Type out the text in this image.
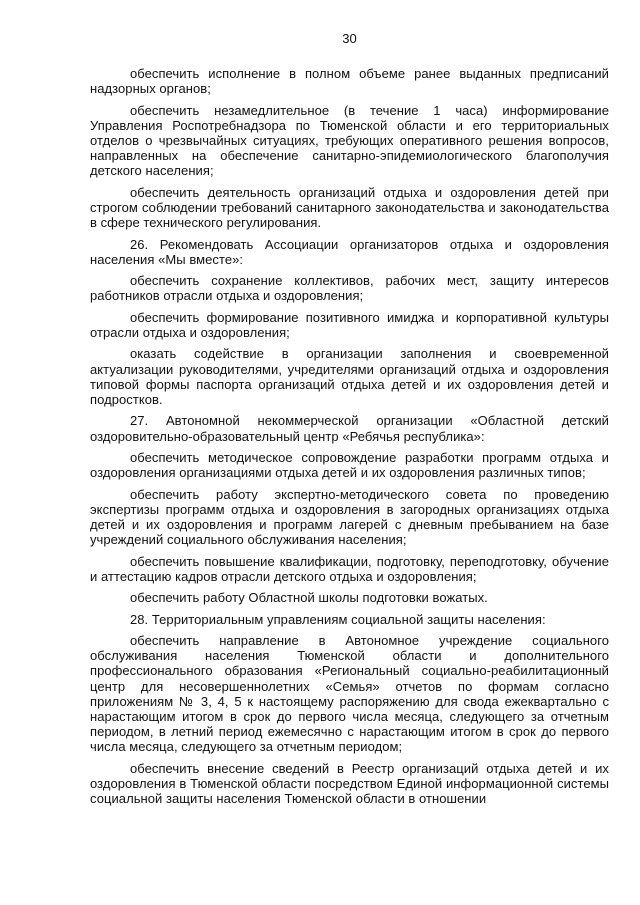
30

обеспечить исполнение в полном объеме ранее выданных предписаний надзорных органов;

обеспечить незамедлительное (в течение 1 часа) информирование Управления Роспотребнадзора по Тюменской области и его территориальных отделов о чрезвычайных ситуациях, требующих оперативного решения вопросов, направленных на обеспечение санитарно-эпидемиологического благополучия детского населения;

обеспечить деятельность организаций отдыха и оздоровления детей при строгом соблюдении требований санитарного законодательства и законодательства в сфере технического регулирования.

26. Рекомендовать Ассоциации организаторов отдыха и оздоровления населения «Мы вместе»:

обеспечить сохранение коллективов, рабочих мест, защиту интересов работников отрасли отдыха и оздоровления;

обеспечить формирование позитивного имиджа и корпоративной культуры отрасли отдыха и оздоровления;

оказать содействие в организации заполнения и своевременной актуализации руководителями, учредителями организаций отдыха и оздоровления типовой формы паспорта организаций отдыха детей и их оздоровления детей и подростков.

27. Автономной некоммерческой организации «Областной детский оздоровительно-образовательный центр «Ребячья республика»:

обеспечить методическое сопровождение разработки программ отдыха и оздоровления организациями отдыха детей и их оздоровления различных типов;

обеспечить работу экспертно-методического совета по проведению экспертизы программ отдыха и оздоровления в загородных организациях отдыха детей и их оздоровления и программ лагерей с дневным пребыванием на базе учреждений социального обслуживания населения;

обеспечить повышение квалификации, подготовку, переподготовку, обучение и аттестацию кадров отрасли детского отдыха и оздоровления;

обеспечить работу Областной школы подготовки вожатых.

28. Территориальным управлениям социальной защиты населения:

обеспечить направление в Автономное учреждение социального обслуживания населения Тюменской области и дополнительного профессионального образования «Региональный социально-реабилитационный центр для несовершеннолетних «Семья» отчетов по формам согласно приложениям № 3, 4, 5 к настоящему распоряжению для свода ежеквартально с нарастающим итогом в срок до первого числа месяца, следующего за отчетным периодом, в летний период ежемесячно с нарастающим итогом в срок до первого числа месяца, следующего за отчетным периодом;

обеспечить внесение сведений в Реестр организаций отдыха детей и их оздоровления в Тюменской области посредством Единой информационной системы социальной защиты населения Тюменской области в отношении
